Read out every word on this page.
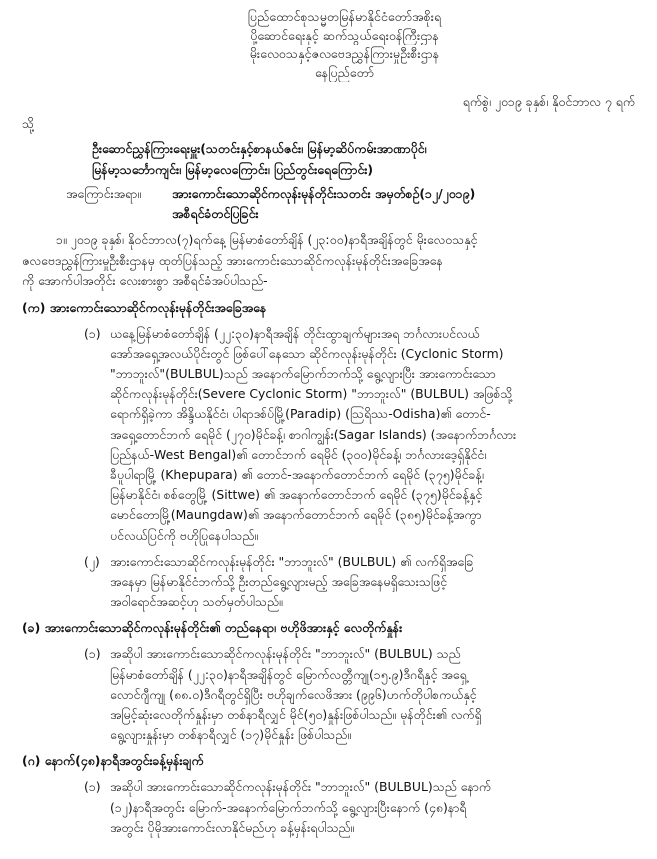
ပြည်ထောင်စုသမ္မတမြန်မာနိုင်ငံတော်အစိုးရ
ပို့ဆောင်ရေးနှင့် ဆက်သွယ်ရေးဝန်ကြီးဌာန
မိုးလေဝသနှင့်ဇလဗေဒညွှန်ကြားမှုဦးစီးဌာန
နေပြည်တော်
ရက်စွဲ၊ ၂၀၁၉ ခုနှစ်၊ နိုဝင်ဘာလ ၇ ရက်
သို့
ဦးဆောင်ညွှန်ကြားရေးမှူး(သတင်းနှင့်စာနယ်ဇင်း၊ မြန်မာ့ဆိပ်ကမ်းအာဏာပိုင်၊
မြန်မာ့သင်္ဘောကျင်း၊ မြန်မာ့လေကြောင်း၊ ပြည်တွင်းရေကြောင်း)
အကြောင်းအရာ။	အားကောင်းသောဆိုင်ကလုန်းမုန်တိုင်းသတင်း အမှတ်စဉ်(၁၂/၂၀၁၉)
အစီရင်ခံတင်ပြခြင်း
၁။ ၂၀၁၉ ခုနှစ်၊ နိုဝင်ဘာလ(၇)ရက်နေ့ မြန်မာစံတော်ချိန် (၂၃:၀၀)နာရီအချိန်တွင် မိုးလေဝသနှင့်
ဇလဗေဒညွှန်ကြားမှုဦးစီးဌာနမှ ထုတ်ပြန်သည့် အားကောင်းသောဆိုင်ကလုန်းမုန်တိုင်းအခြေအနေ
ကို အောက်ပါအတိုင်း လေးစားစွာ အစီရင်ခံအပ်ပါသည်-
(က) အားကောင်းသောဆိုင်ကလုန်းမုန်တိုင်းအခြေအနေ
(၁) ယနေ့မြန်မာစံတော်ချိန် (၂၂:၃၀)နာရီအချိန် တိုင်းထွာချက်များအရ ဘင်္ဂလားပင်လယ်
အော်အရှေ့အလယ်ပိုင်းတွင် ဖြစ်ပေါ်နေသော ဆိုင်ကလုန်းမုန်တိုင်း (Cyclonic Storm)
"ဘာဘူးလ်"(BULBUL)သည် အနောက်မြောက်ဘက်သို့ ရွေ့လျားပြီး အားကောင်းသော
ဆိုင်ကလုန်းမုန်တိုင်း(Severe Cyclonic Storm) "ဘာဘူးလ်" (BULBUL) အဖြစ်သို့
ရောက်ရှိခဲ့ကာ အိန္ဒိယနိုင်ငံ၊ ပါရာဒစ်ပ်မြို့(Paradip) (ဩရိဿ-Odisha)၏ တောင်-
အရှေ့တောင်ဘက် ရေမိုင် (၂၇၀)မိုင်ခန့်၊ စာဂါကျွန်း(Sagar Islands) (အနောက်ဘင်္ဂလား
ပြည်နယ်-West Bengal)၏ တောင်ဘက် ရေမိုင် (၃၀၀)မိုင်ခန့်၊ ဘင်္ဂလားဒေ့ရှ်နိုင်ငံ၊
ခီပူပါရာမြို့ (Khepupara) ၏ တောင်-အနောက်တောင်ဘက် ရေမိုင် (၃၇၅)မိုင်ခန့်၊
မြန်မာနိုင်ငံ၊ စစ်တွေမြို့ (Sittwe) ၏ အနောက်တောင်ဘက် ရေမိုင် (၃၇၅)မိုင်ခန့်နှင့်
မောင်တောမြို့(Maungdaw)၏ အနောက်တောင်ဘက် ရေမိုင် (၃၈၅)မိုင်ခန့်အကွာ
ပင်လယ်ပြင်ကို ဗဟိုပြုနေပါသည်။
(၂) အားကောင်းသောဆိုင်ကလုန်းမုန်တိုင်း "ဘာဘူးလ်" (BULBUL) ၏ လက်ရှိအခြေ
အနေမှာ မြန်မာနိုင်ငံဘက်သို့ ဦးတည်ရွေ့လျားမည့် အခြေအနေမရှိသေးသဖြင့်
အဝါရောင်အဆင့်ဟု သတ်မှတ်ပါသည်။
(ခ) အားကောင်းသောဆိုင်ကလုန်းမုန်တိုင်း၏ တည်နေရာ၊ ဗဟိုဖိအားနှင့် လေတိုက်နှုန်း
(၁) အဆိုပါ အားကောင်းသောဆိုင်ကလုန်းမုန်တိုင်း "ဘာဘူးလ်" (BULBUL) သည်
မြန်မာစံတော်ချိန် (၂၂:၃၀)နာရီအချိန်တွင် မြောက်လတ္တီကျု(၁၅.၉)ဒီဂရီနှင့် အရှေ့
လောင်ဂျီကျု (၈၈.၀)ဒီဂရီတွင်ရှိပြီး ဗဟိုချက်လေဖိအား (၉၉၆)ဟက်တိုပါစကယ်နှင့်
အမြင့်ဆုံးလေတိုက်နှုန်းမှာ တစ်နာရီလျှင် မိုင်(၅၀)နှုန်းဖြစ်ပါသည်။ မုန်တိုင်း၏ လက်ရှိ
ရွေ့လျားနှုန်းမှာ တစ်နာရီလျှင် (၁၇)မိုင်နှုန်း ဖြစ်ပါသည်။
(ဂ) နောက်(၄၈)နာရီအတွင်းခန့်မှန်းချက်
(၁) အဆိုပါ အားကောင်းသောဆိုင်ကလုန်းမုန်တိုင်း "ဘာဘူးလ်" (BULBUL)သည် နောက်
(၁၂)နာရီအတွင်း မြောက်-အနောက်မြောက်ဘက်သို့ ရွေ့လျားပြီးနောက် (၄၈)နာရီ
အတွင်း ပိုမိုအားကောင်းလာနိုင်မည်ဟု ခန့်မှန်းရပါသည်။
